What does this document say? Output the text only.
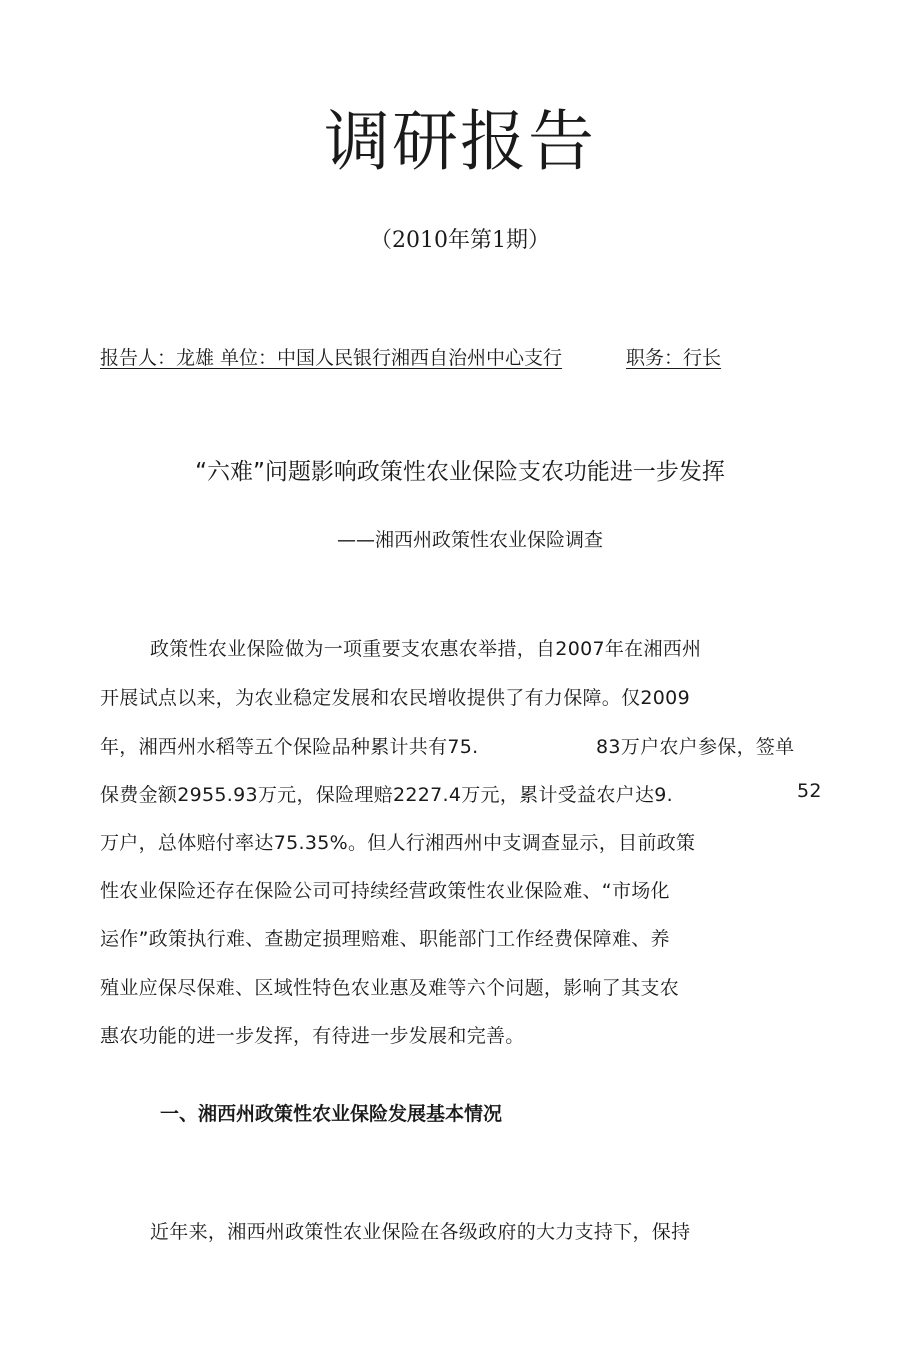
调研报告
（2010年第1期）
报告人：龙雄 单位：中国人民银行湘西自治州中心支行	职务：行长
“六难”问题影响政策性农业保险支农功能进一步发挥
——湘西州政策性农业保险调查
政策性农业保险做为一项重要支农惠农举措，自2007年在湘西州
开展试点以来，为农业稳定发展和农民增收提供了有力保障。仅2009
年，湘西州水稻等五个保险品种累计共有75.	83万户农户参保，签单
保费金额2955.93万元，保险理赔2227.4万元，累计受益农户达9.	52
万户，总体赔付率达75.35%。但人行湘西州中支调查显示，目前政策
性农业保险还存在保险公司可持续经营政策性农业保险难、“市场化
运作”政策执行难、查勘定损理赔难、职能部门工作经费保障难、养
殖业应保尽保难、区域性特色农业惠及难等六个问题，影响了其支农
惠农功能的进一步发挥，有待进一步发展和完善。
一、湘西州政策性农业保险发展基本情况
近年来，湘西州政策性农业保险在各级政府的大力支持下，保持
